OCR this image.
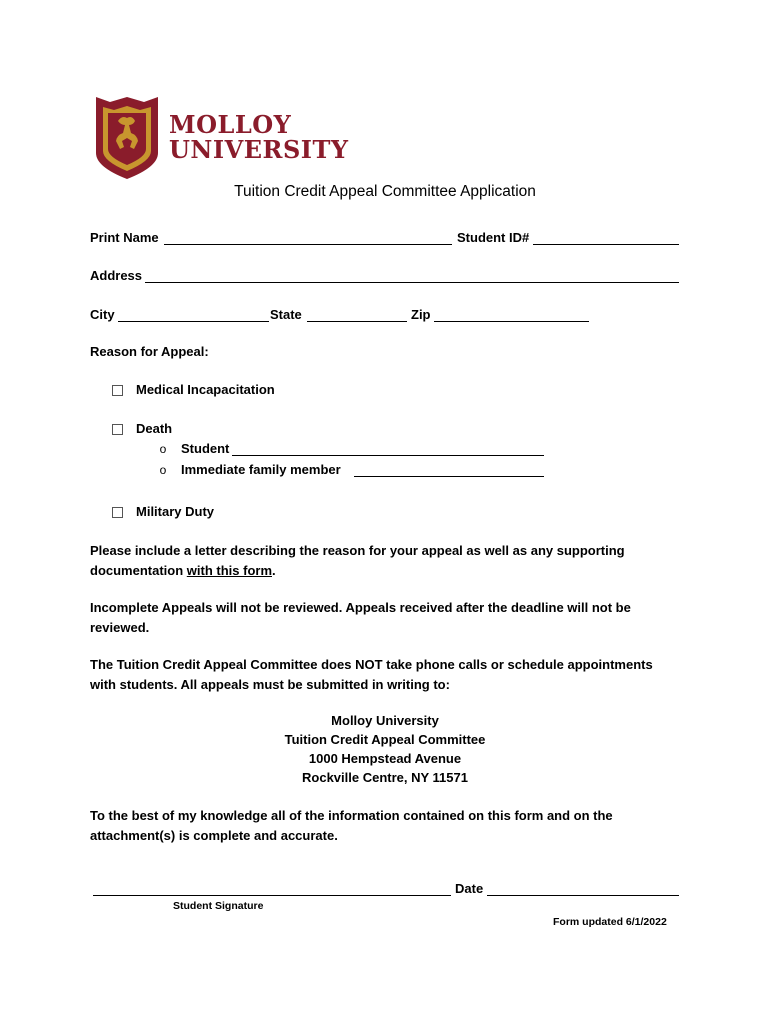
MOLLOY
UNIVERSITY
Tuition Credit Appeal Committee Application
Print Name	Student ID#
Address
City	State	Zip
Reason for Appeal:
Medical Incapacitation
Death
o Student
o Immediate family member
Military Duty
Please include a letter describing the reason for your appeal as well as any supporting documentation with this form.
Incomplete Appeals will not be reviewed. Appeals received after the deadline will not be reviewed.
The Tuition Credit Appeal Committee does NOT take phone calls or schedule appointments with students. All appeals must be submitted in writing to:
Molloy University
Tuition Credit Appeal Committee
1000 Hempstead Avenue
Rockville Centre, NY 11571
To the best of my knowledge all of the information contained on this form and on the attachment(s) is complete and accurate.
Date
Student Signature
Form updated 6/1/2022
